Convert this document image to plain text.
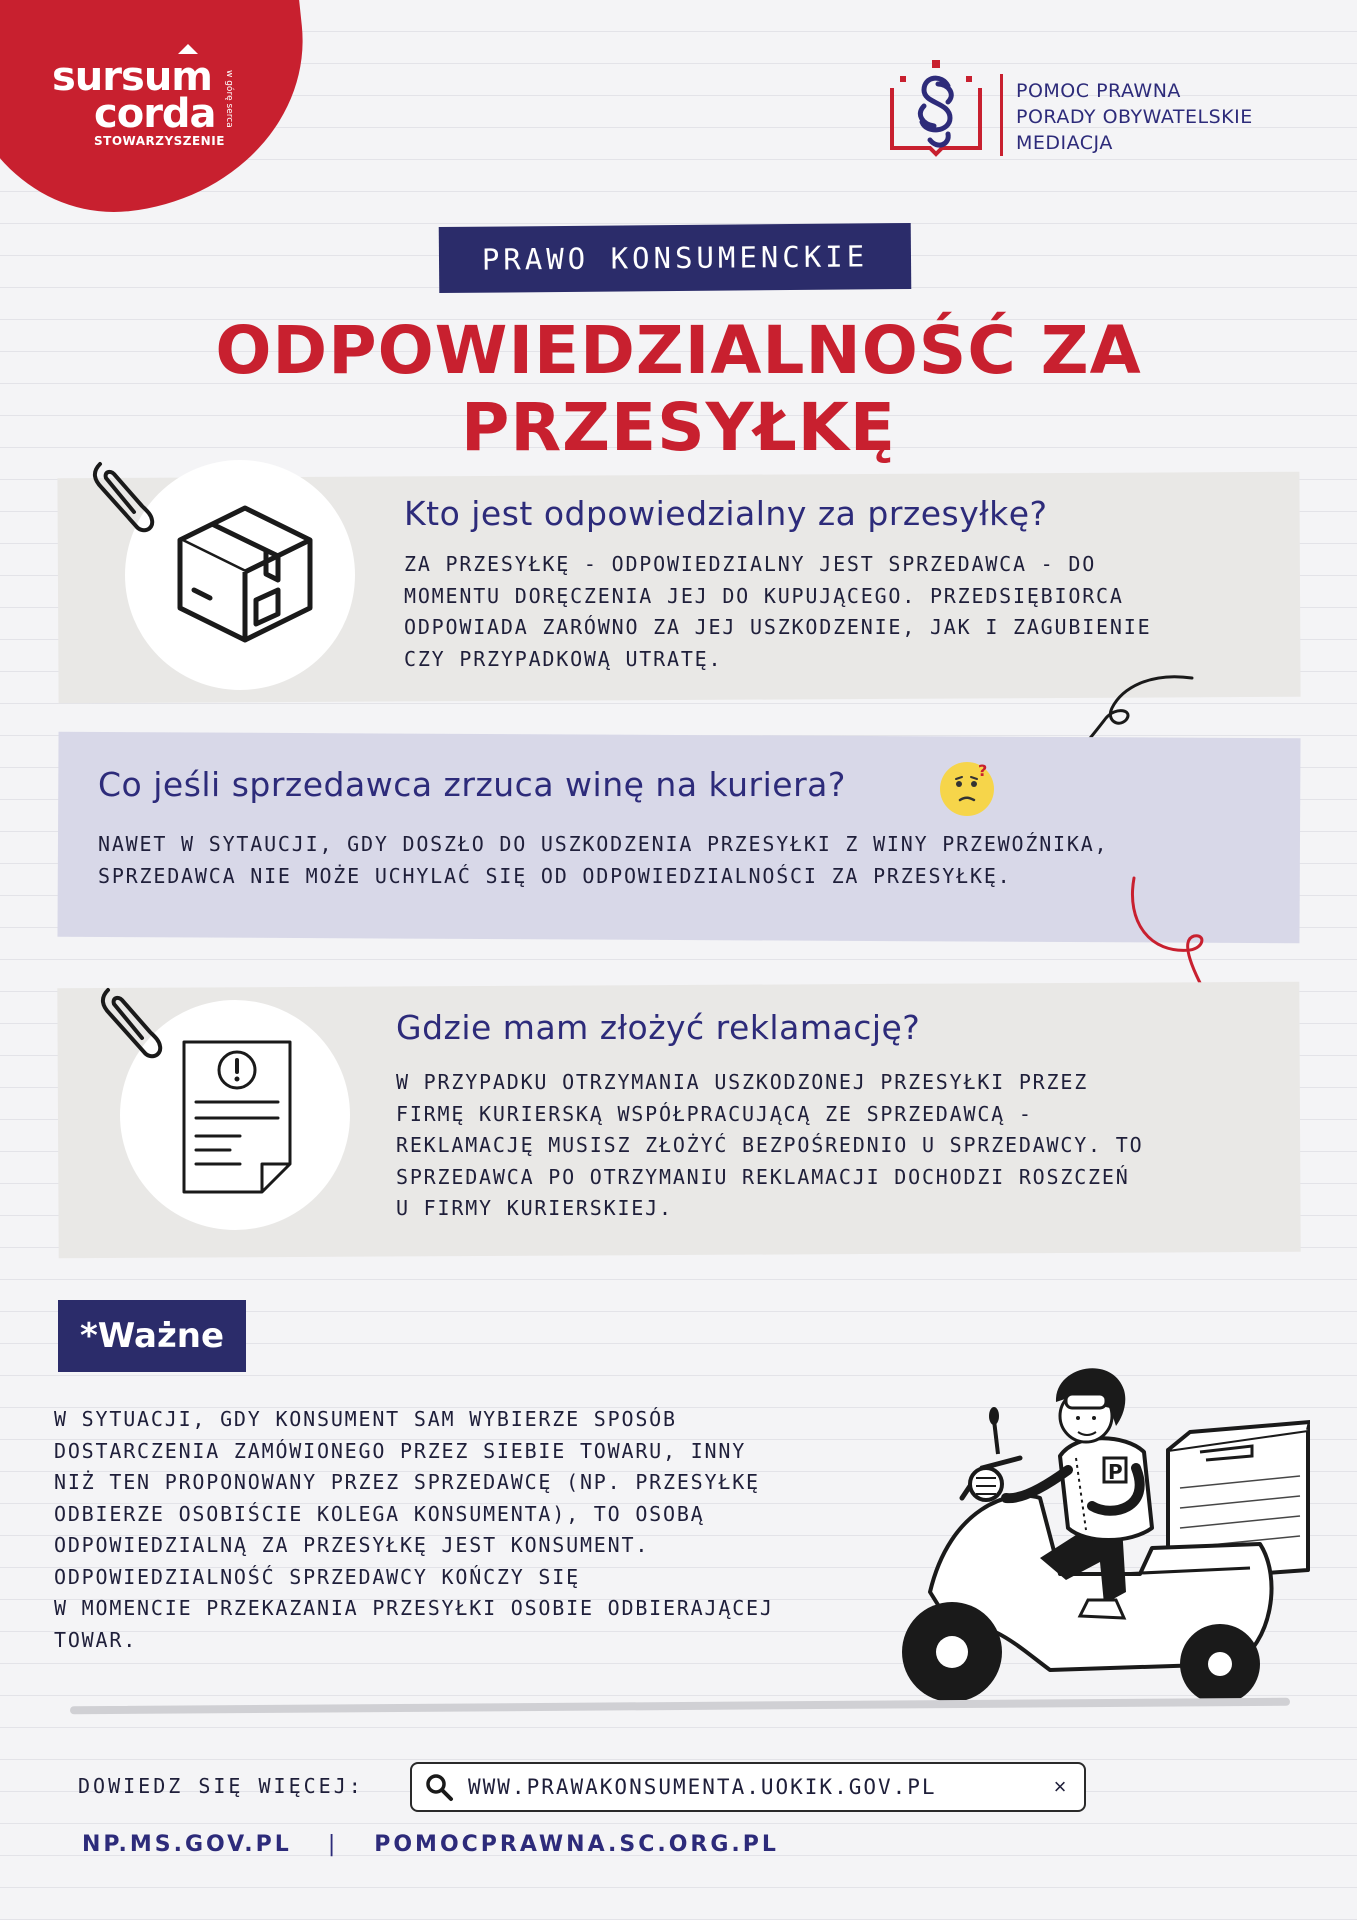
sursum
corda
STOWARZYSZENIE
w górę serca	POMOC PRAWNA
PORADY OBYWATELSKIE
MEDIACJA
PRAWO KONSUMENCKIE
ODPOWIEDZIALNOŚĆ ZA PRZESYŁKĘ
Kto jest odpowiedzialny za przesyłkę?
ZA PRZESYŁKĘ - ODPOWIEDZIALNY JEST SPRZEDAWCA - DO
MOMENTU DORĘCZENIA JEJ DO KUPUJĄCEGO. PRZEDSIĘBIORCA
ODPOWIADA ZARÓWNO ZA JEJ USZKODZENIE, JAK I ZAGUBIENIE
CZY PRZYPADKOWĄ UTRATĘ.
Co jeśli sprzedawca zrzuca winę na kuriera?	?
NAWET W SYTAUCJI, GDY DOSZŁO DO USZKODZENIA PRZESYŁKI Z WINY PRZEWOŹNIKA,
SPRZEDAWCA NIE MOŻE UCHYLAĆ SIĘ OD ODPOWIEDZIALNOŚCI ZA PRZESYŁKĘ.
Gdzie mam złożyć reklamację?
W PRZYPADKU OTRZYMANIA USZKODZONEJ PRZESYŁKI PRZEZ
FIRMĘ KURIERSKĄ WSPÓŁPRACUJĄCĄ ZE SPRZEDAWCĄ -
REKLAMACJĘ MUSISZ ZŁOŻYĆ BEZPOŚREDNIO U SPRZEDAWCY. TO
SPRZEDAWCA PO OTRZYMANIU REKLAMACJI DOCHODZI ROSZCZEŃ
U FIRMY KURIERSKIEJ.
*Ważne
W SYTUACJI, GDY KONSUMENT SAM WYBIERZE SPOSÓB
DOSTARCZENIA ZAMÓWIONEGO PRZEZ SIEBIE TOWARU, INNY
NIŻ TEN PROPONOWANY PRZEZ SPRZEDAWCĘ (NP. PRZESYŁKĘ
ODBIERZE OSOBIŚCIE KOLEGA KONSUMENTA), TO OSOBĄ
ODPOWIEDZIALNĄ ZA PRZESYŁKĘ JEST KONSUMENT.
ODPOWIEDZIALNOŚĆ SPRZEDAWCY KOŃCZY SIĘ
W MOMENCIE PRZEKAZANIA PRZESYŁKI OSOBIE ODBIERAJĄCEJ
TOWAR.
P
DOWIEDZ SIĘ WIĘCEJ:	WWW.PRAWAKONSUMENTA.UOKIK.GOV.PL	×
NP.MS.GOV.PL | POMOCPRAWNA.SC.ORG.PL
